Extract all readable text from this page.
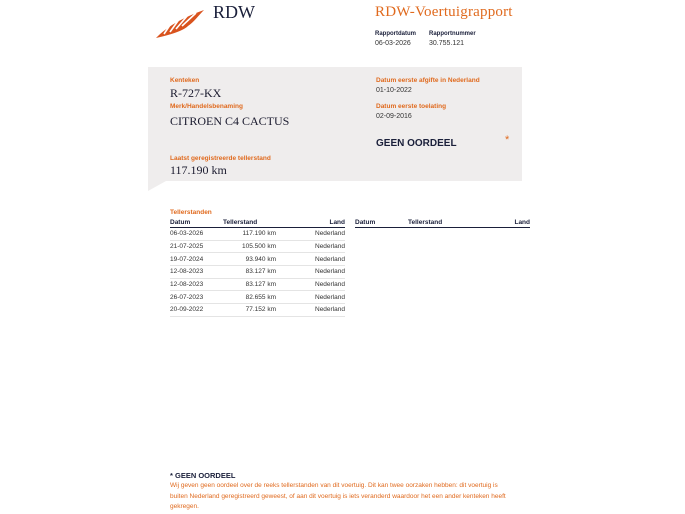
RDW	RDW-Voertuigrapport
Rapportdatum
06-03-2026
Rapportnummer
30.755.121
Kenteken
R-727-KX
Merk/Handelsbenaming
CITROEN C4 CACTUS
Laatst geregistreerde tellerstand
117.190 km
Datum eerste afgifte in Nederland
01-10-2022
Datum eerste toelating
02-09-2016
GEEN OORDEEL	*
Tellerstanden
Datum	Tellerstand	Land
06-03-2026	117.190 km	Nederland
21-07-2025	105.500 km	Nederland
19-07-2024	93.940 km	Nederland
12-08-2023	83.127 km	Nederland
12-08-2023	83.127 km	Nederland
26-07-2023	82.655 km	Nederland
20-09-2022	77.152 km	Nederland
Datum	Tellerstand	Land
* GEEN OORDEEL
Wij geven geen oordeel over de reeks tellerstanden van dit voertuig. Dit kan twee oorzaken hebben: dit voertuig is buiten Nederland geregistreerd geweest, of aan dit voertuig is iets veranderd waardoor het een ander kenteken heeft gekregen.
